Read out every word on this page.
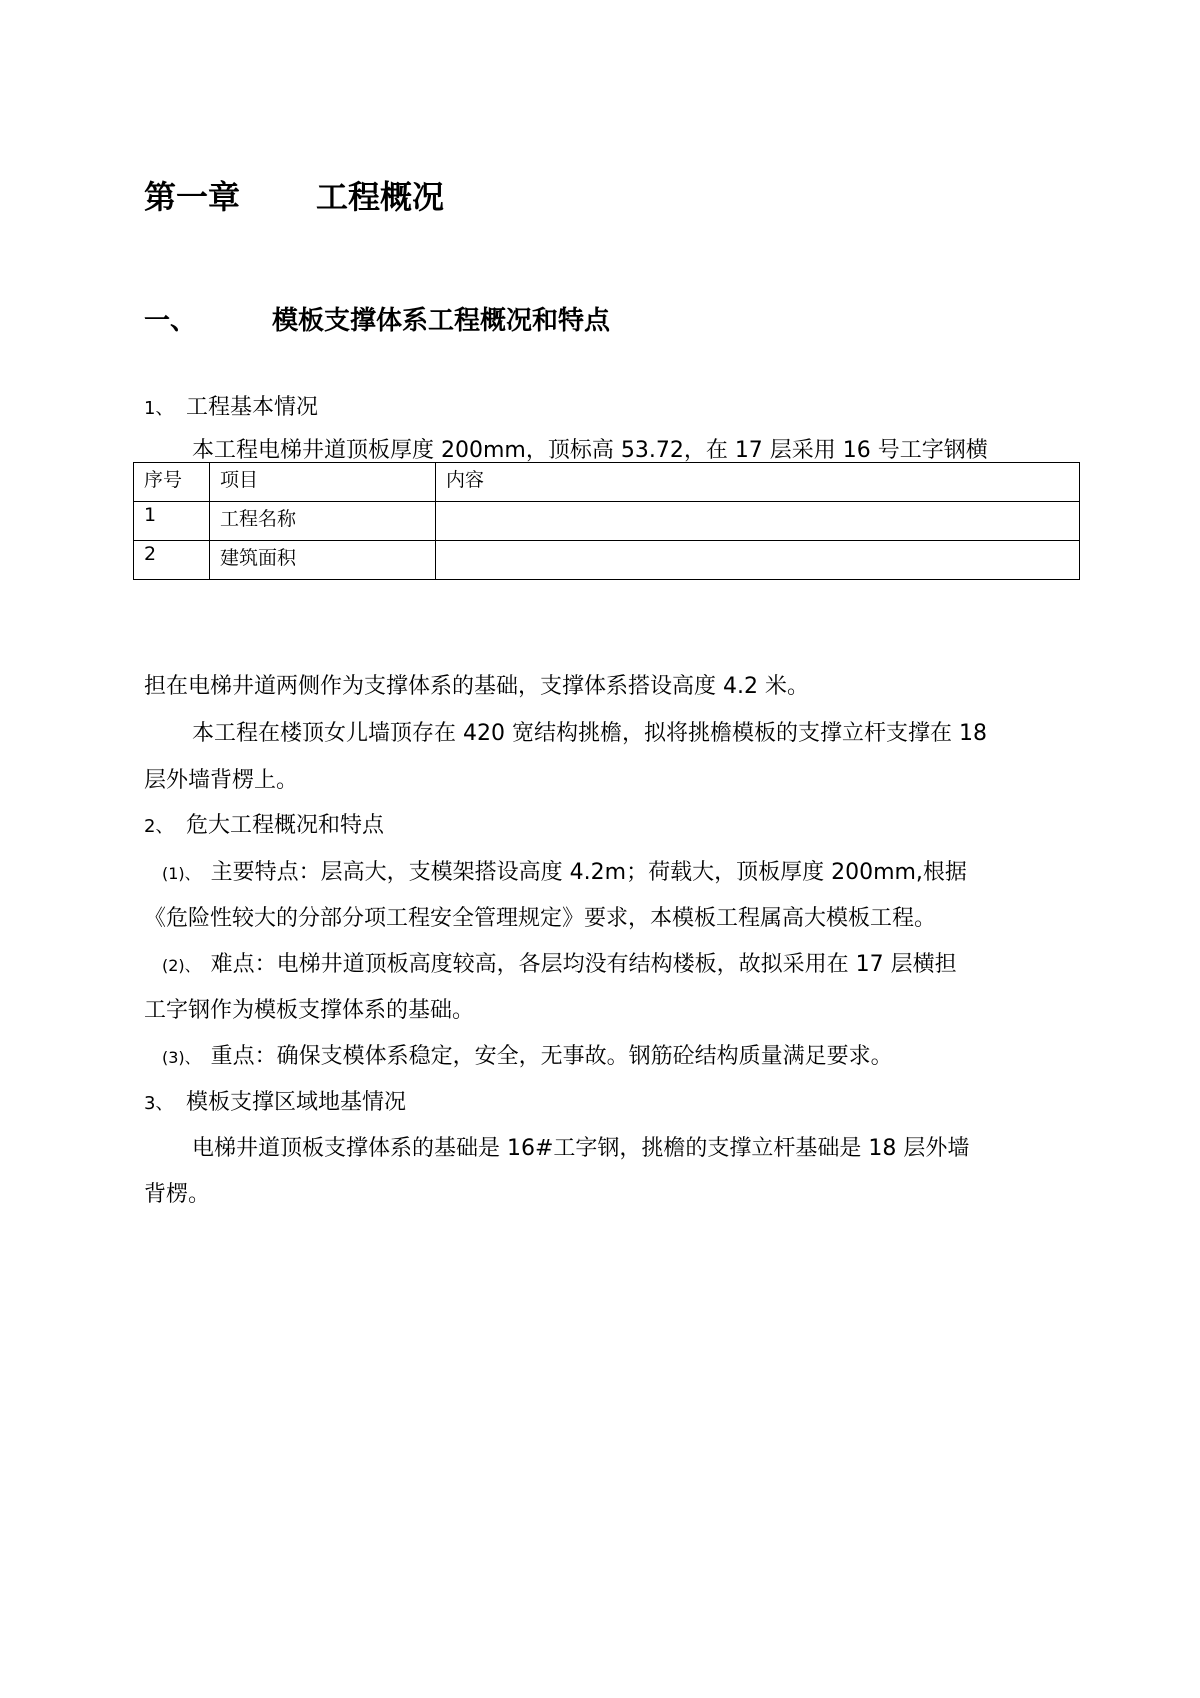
第一章 工程概况
一、	模板支撑体系工程概况和特点
1、 工程基本情况
本工程电梯井道顶板厚度 200mm，顶标高 53.72，在 17 层采用 16 号工字钢横
序号	项目	内容
1	工程名称	
2	建筑面积	
担在电梯井道两侧作为支撑体系的基础，支撑体系搭设高度 4.2 米。
本工程在楼顶女儿墙顶存在 420 宽结构挑檐，拟将挑檐模板的支撑立杆支撑在 18
层外墙背楞上。
2、 危大工程概况和特点
(1)、 主要特点：层高大，支模架搭设高度 4.2m；荷载大，顶板厚度 200mm,根据
《危险性较大的分部分项工程安全管理规定》要求，本模板工程属高大模板工程。
(2)、 难点：电梯井道顶板高度较高，各层均没有结构楼板，故拟采用在 17 层横担
工字钢作为模板支撑体系的基础。
(3)、 重点：确保支模体系稳定，安全，无事故。钢筋砼结构质量满足要求。
3、 模板支撑区域地基情况
电梯井道顶板支撑体系的基础是 16#工字钢，挑檐的支撑立杆基础是 18 层外墙
背楞。
